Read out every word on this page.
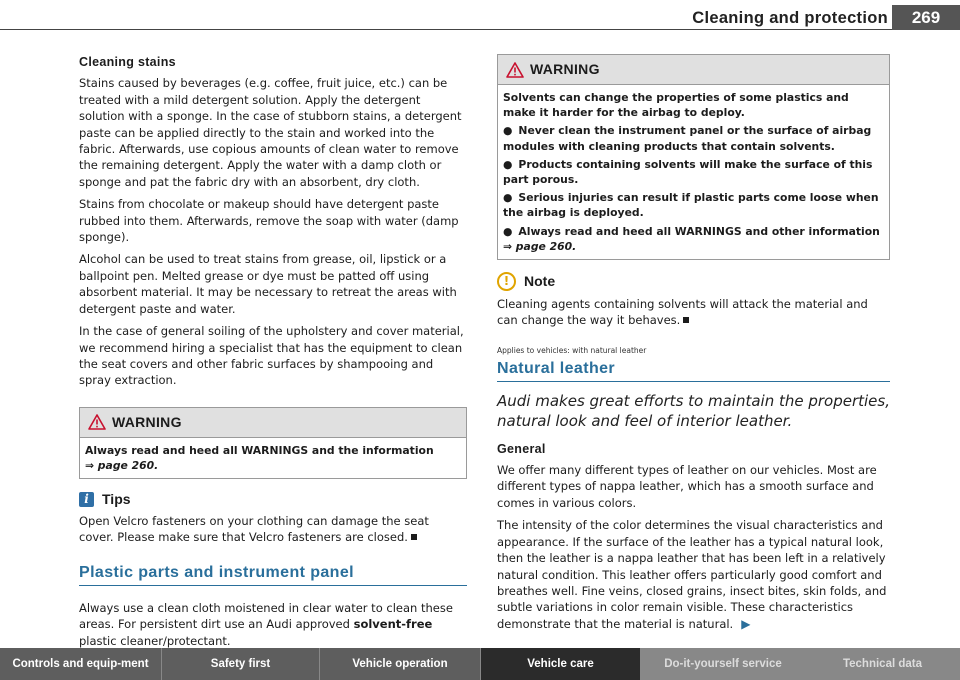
Cleaning and protection	269
Cleaning stains

Stains caused by beverages (e.g. coffee, fruit juice, etc.) can be treated with a mild detergent solution. Apply the detergent solution with a sponge. In the case of stubborn stains, a detergent paste can be applied directly to the stain and worked into the fabric. Afterwards, use copious amounts of clean water to remove the remaining detergent. Apply the water with a damp cloth or sponge and pat the fabric dry with an absorbent, dry cloth.

Stains from chocolate or makeup should have detergent paste rubbed into them. Afterwards, remove the soap with water (damp sponge).

Alcohol can be used to treat stains from grease, oil, lipstick or a ballpoint pen. Melted grease or dye must be patted off using absorbent material. It may be necessary to retreat the areas with detergent paste and water.

In the case of general soiling of the upholstery and cover material, we recommend hiring a specialist that has the equipment to clean the seat covers and other fabric surfaces by shampooing and spray extraction.

WARNING
Always read and heed all WARNINGS and the information
⇒ page 260.
i Tips

Open Velcro fasteners on your clothing can damage the seat cover. Please make sure that Velcro fasteners are closed.

Plastic parts and instrument panel

Always use a clean cloth moistened in clear water to clean these areas. For persistent dirt use an Audi approved solvent-free plastic cleaner/protectant.

WARNING
Solvents can change the properties of some plastics and make it harder for the airbag to deploy.
● Never clean the instrument panel or the surface of airbag modules with cleaning products that contain solvents.
● Products containing solvents will make the surface of this part porous.
● Serious injuries can result if plastic parts come loose when the airbag is deployed.
● Always read and heed all WARNINGS and other information
⇒ page 260.
!	Note

Cleaning agents containing solvents will attack the material and can change the way it behaves.

Applies to vehicles: with natural leather
Natural leather

Audi makes great efforts to maintain the properties, natural look and feel of interior leather.

General

We offer many different types of leather on our vehicles. Most are different types of nappa leather, which has a smooth surface and comes in various colors.

The intensity of the color determines the visual characteristics and appearance. If the surface of the leather has a typical natural look, then the leather is a nappa leather that has been left in a relatively natural condition. This leather offers particularly good comfort and breathes well. Fine veins, closed grains, insect bites, skin folds, and subtle variations in color remain visible. These characteristics demonstrate that the material is natural. ▶

Controls and equip-ment	Safety first	Vehicle operation	Vehicle care	Do-it-yourself service	Technical data
